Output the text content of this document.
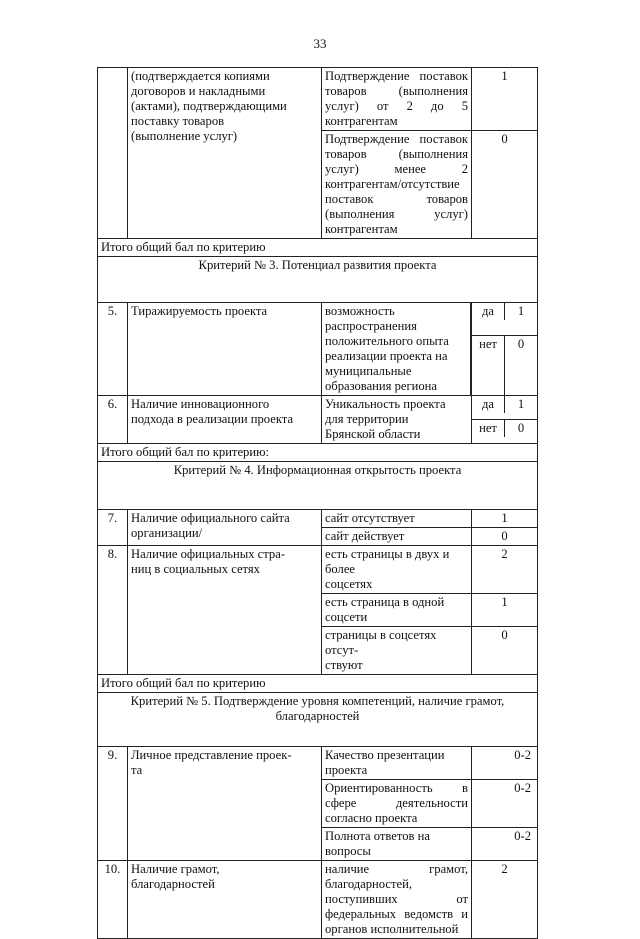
33
	(подтверждается копиями
договоров и накладными
(актами), подтверждающими
поставку товаров
(выполнение услуг)	Подтверждение поставок товаров (выполнения услуг) от 2 до 5 контрагентам	1
Подтверждение поставок товаров (выполнения услуг) менее 2 контрагентам/отсутствие поставок товаров (выполнения услуг) контрагентам	0
Итого общий бал по критерию
Критерий № 3. Потенциал развития проекта
5.	Тиражируемость проекта		возможность
распространения
положительного опыта
реализации проекта на
муниципальные
образования региона

да	1

нет	0

6.	Наличие инновационного
подхода в реализации проекта	Уникальность проекта
для территории
Брянской области	
да	1

нет	0

Итого общий бал по критерию:
Критерий № 4. Информационная открытость проекта
7.	Наличие официального сайта
организации/	сайт отсутствует	1
сайт действует	0
8.	Наличие официальных стра-
ниц в социальных сетях	есть страницы в двух и более
соцсетях	2
есть страница в одной соцсети	1
страницы в соцсетях отсут-
ствуют	0
Итого общий бал по критерию
Критерий № 5. Подтверждение уровня компетенций, наличие грамот,
благодарностей
9.	Личное представление проек-
та	Качество презентации проекта	0-2
Ориентированность в сфере деятельности согласно проекта	0-2
Полнота ответов на вопросы	0-2
10.	Наличие грамот,
благодарностей	наличие грамот, благодарностей, поступивших от федеральных ведомств и органов исполнительной	2
